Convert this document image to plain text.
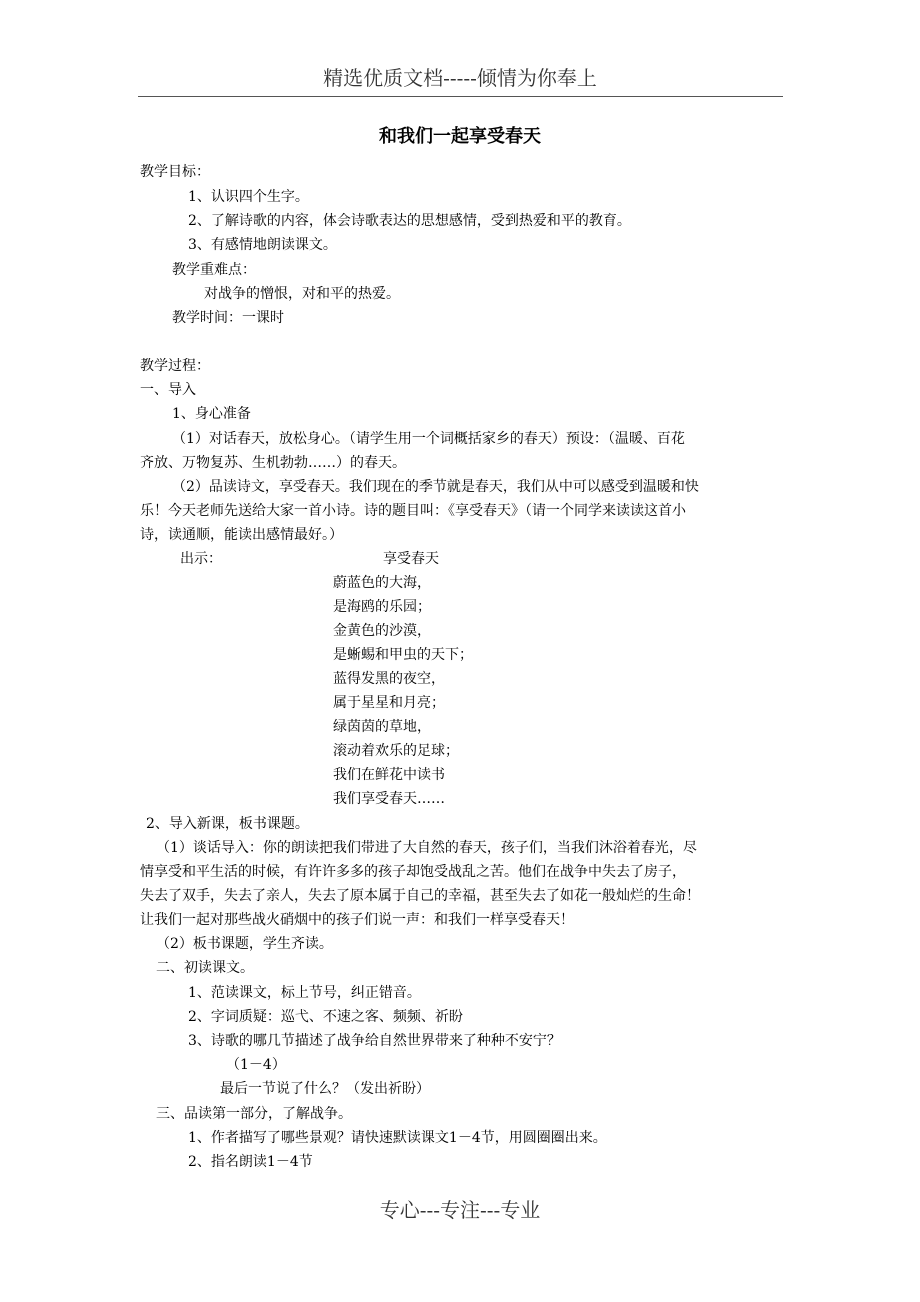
精选优质文档-----倾情为你奉上
和我们一起享受春天
教学目标：
1、认识四个生字。
2、了解诗歌的内容，体会诗歌表达的思想感情，受到热爱和平的教育。
3、有感情地朗读课文。
教学重难点：
对战争的憎恨，对和平的热爱。
教学时间：一课时
教学过程：
一、导入
1、身心准备
（1）对话春天，放松身心。（请学生用一个词概括家乡的春天）预设：（温暖、百花
齐放、万物复苏、生机勃勃……）的春天。
（2）品读诗文，享受春天。我们现在的季节就是春天，我们从中可以感受到温暖和快
乐！今天老师先送给大家一首小诗。诗的题目叫：《享受春天》（请一个同学来读读这首小
诗，读通顺，能读出感情最好。）
出示：	享受春天
蔚蓝色的大海，
是海鸥的乐园；
金黄色的沙漠，
是蜥蜴和甲虫的天下；
蓝得发黑的夜空，
属于星星和月亮；
绿茵茵的草地，
滚动着欢乐的足球；
我们在鲜花中读书
我们享受春天……
2、导入新课，板书课题。
（1）谈话导入：你的朗读把我们带进了大自然的春天，孩子们，当我们沐浴着春光，尽
情享受和平生活的时候，有许许多多的孩子却饱受战乱之苦。他们在战争中失去了房子，
失去了双手，失去了亲人，失去了原本属于自己的幸福，甚至失去了如花一般灿烂的生命！
让我们一起对那些战火硝烟中的孩子们说一声：和我们一样享受春天！
（2）板书课题，学生齐读。
二、初读课文。
1、范读课文，标上节号，纠正错音。
2、字词质疑：巡弋、不速之客、频频、祈盼
3、诗歌的哪几节描述了战争给自然世界带来了种种不安宁？
（1－4）
最后一节说了什么？（发出祈盼）
三、品读第一部分，了解战争。
1、作者描写了哪些景观？请快速默读课文1－4节，用圆圈圈出来。
2、指名朗读1－4节
专心---专注---专业
